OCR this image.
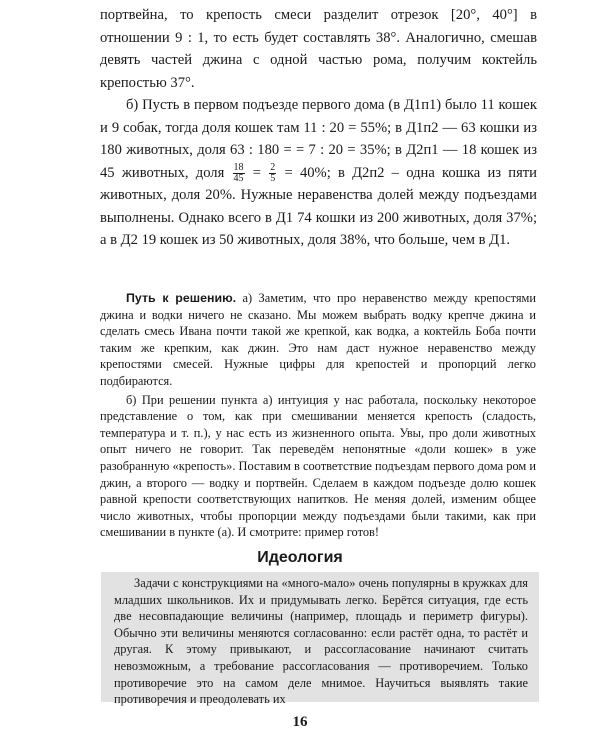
портвейна, то крепость смеси разделит отрезок [20°, 40°] в отношении 9 : 1, то есть будет составлять 38°. Аналогично, смешав девять частей джина с одной частью рома, получим коктейль крепостью 37°.

б) Пусть в первом подъезде первого дома (в Д1п1) было 11 кошек и 9 собак, тогда доля кошек там 11 : 20 = 55%; в Д1п2 — 63 кошки из 180 животных, доля 63 : 180 = = 7 : 20 = 35%; в Д2п1 — 18 кошек из 45 животных, доля $\frac{18}{45} = \frac{2}{5} = 40\%$; в Д2п2 – одна кошка из пяти животных, доля 20%. Нужные неравенства долей между подъездами выполнены. Однако всего в Д1 74 кошки из 200 животных, доля 37%; а в Д2 19 кошек из 50 животных, доля 38%, что больше, чем в Д1.

Путь к решению. а) Заметим, что про неравенство между крепостями джина и водки ничего не сказано. Мы можем выбрать водку крепче джина и сделать смесь Ивана почти такой же крепкой, как водка, а коктейль Боба почти таким же крепким, как джин. Это нам даст нужное неравенство между крепостями смесей. Нужные цифры для крепостей и пропорций легко подбираются.

б) При решении пункта а) интуиция у нас работала, поскольку некоторое представление о том, как при смешивании меняется крепость (сладость, температура и т. п.), у нас есть из жизненного опыта. Увы, про доли животных опыт ничего не говорит. Так переведём непонятные «доли кошек» в уже разобранную «крепость». Поставим в соответствие подъездам первого дома ром и джин, а второго — водку и портвейн. Сделаем в каждом подъезде долю кошек равной крепости соответствующих напитков. Не меняя долей, изменим общее число животных, чтобы пропорции между подъездами были такими, как при смешивании в пункте (а). И смотрите: пример готов!

Идеология

Задачи с конструкциями на «много-мало» очень популярны в кружках для младших школьников. Их и придумывать легко. Берётся ситуация, где есть две несовпадающие величины (например, площадь и периметр фигуры). Обычно эти величины меняются согласованно: если растёт одна, то растёт и другая. К этому привыкают, и рассогласование начинают считать невозможным, а требование рассогласования — противоречием. Только противоречие это на самом деле мнимое. Научиться выявлять такие противоречия и преодолевать их

16
